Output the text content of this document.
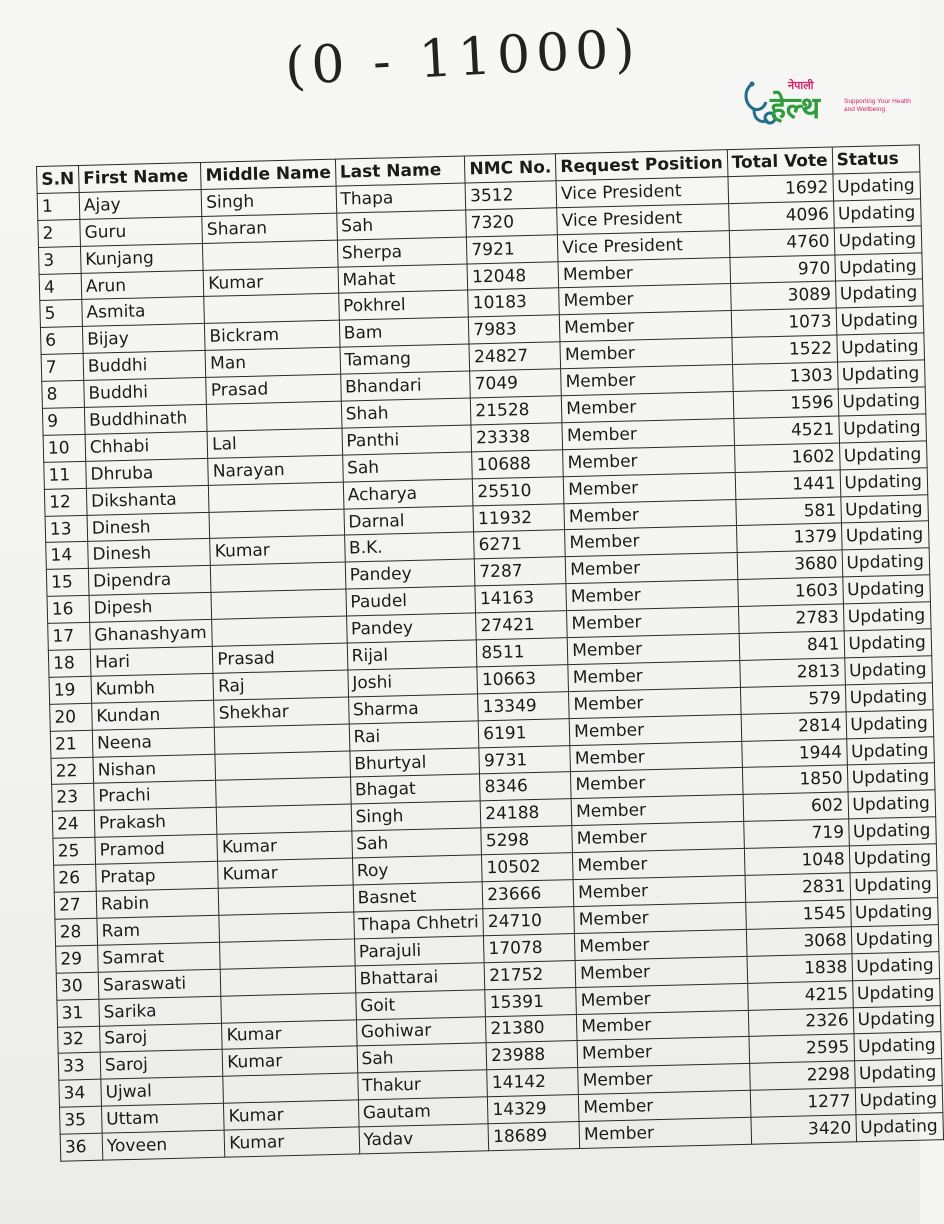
(0 - 11000)	नेपाली
हेल्थ	Supporting Your Health and Wellbeing
S.N	First Name	Middle Name	Last Name	NMC No.	Request Position	Total Vote	Status
1	Ajay	Singh	Thapa	3512	Vice President	1692	Updating
2	Guru	Sharan	Sah	7320	Vice President	4096	Updating
3	Kunjang		Sherpa	7921	Vice President	4760	Updating
4	Arun	Kumar	Mahat	12048	Member	970	Updating
5	Asmita		Pokhrel	10183	Member	3089	Updating
6	Bijay	Bickram	Bam	7983	Member	1073	Updating
7	Buddhi	Man	Tamang	24827	Member	1522	Updating
8	Buddhi	Prasad	Bhandari	7049	Member	1303	Updating
9	Buddhinath		Shah	21528	Member	1596	Updating
10	Chhabi	Lal	Panthi	23338	Member	4521	Updating
11	Dhruba	Narayan	Sah	10688	Member	1602	Updating
12	Dikshanta		Acharya	25510	Member	1441	Updating
13	Dinesh		Darnal	11932	Member	581	Updating
14	Dinesh	Kumar	B.K.	6271	Member	1379	Updating
15	Dipendra		Pandey	7287	Member	3680	Updating
16	Dipesh		Paudel	14163	Member	1603	Updating
17	Ghanashyam		Pandey	27421	Member	2783	Updating
18	Hari	Prasad	Rijal	8511	Member	841	Updating
19	Kumbh	Raj	Joshi	10663	Member	2813	Updating
20	Kundan	Shekhar	Sharma	13349	Member	579	Updating
21	Neena		Rai	6191	Member	2814	Updating
22	Nishan		Bhurtyal	9731	Member	1944	Updating
23	Prachi		Bhagat	8346	Member	1850	Updating
24	Prakash		Singh	24188	Member	602	Updating
25	Pramod	Kumar	Sah	5298	Member	719	Updating
26	Pratap	Kumar	Roy	10502	Member	1048	Updating
27	Rabin		Basnet	23666	Member	2831	Updating
28	Ram		Thapa Chhetri	24710	Member	1545	Updating
29	Samrat		Parajuli	17078	Member	3068	Updating
30	Saraswati		Bhattarai	21752	Member	1838	Updating
31	Sarika		Goit	15391	Member	4215	Updating
32	Saroj	Kumar	Gohiwar	21380	Member	2326	Updating
33	Saroj	Kumar	Sah	23988	Member	2595	Updating
34	Ujwal		Thakur	14142	Member	2298	Updating
35	Uttam	Kumar	Gautam	14329	Member	1277	Updating
36	Yoveen	Kumar	Yadav	18689	Member	3420	Updating
